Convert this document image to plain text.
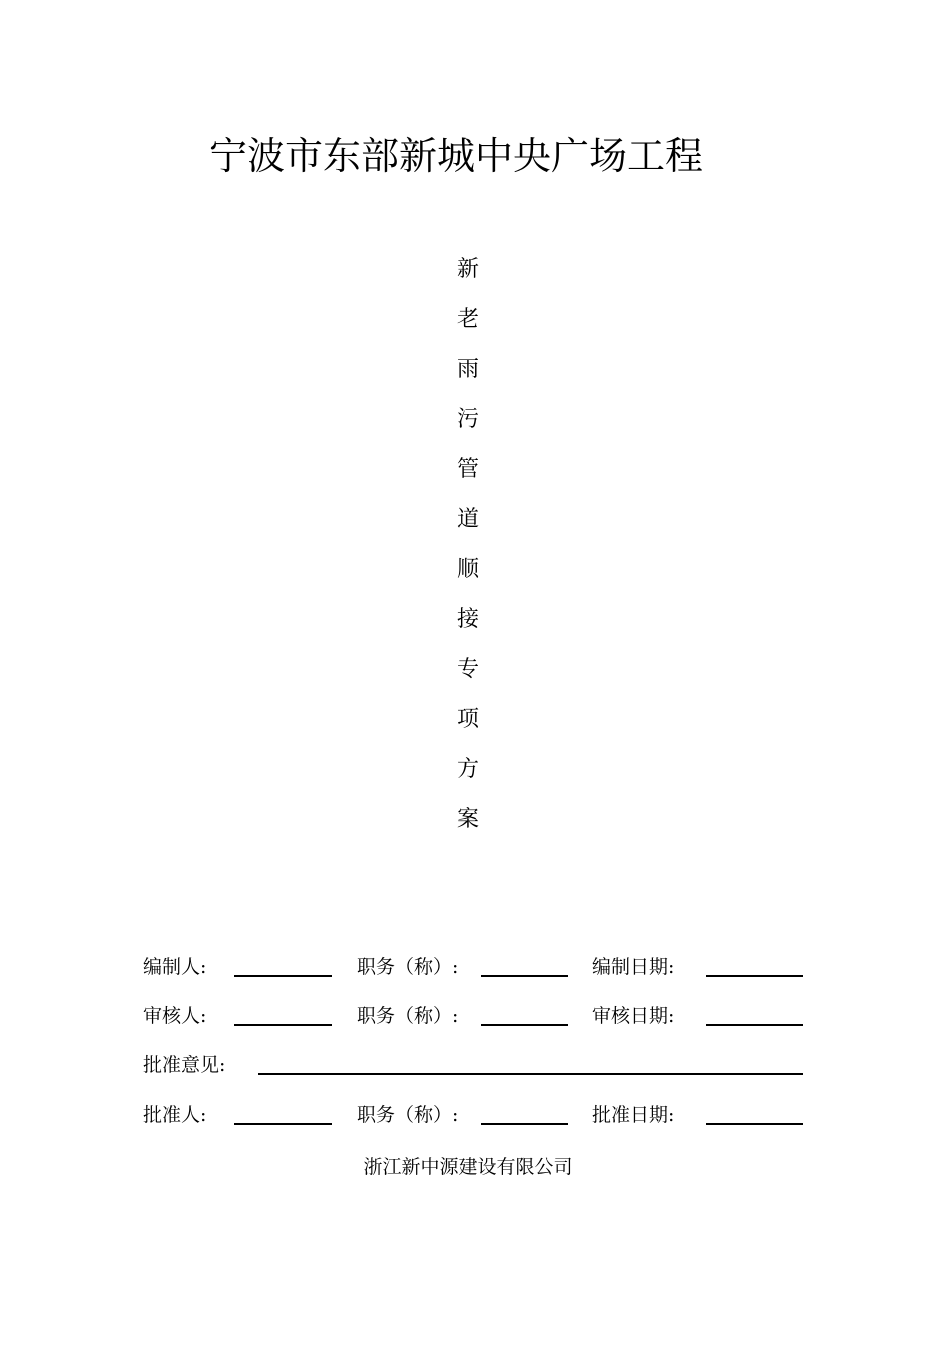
宁波市东部新城中央广场工程
新
老
雨
污
管
道
顺
接
专
项
方
案
编制人:	职务（称）:	编制日期:
审核人:	职务（称）:	审核日期:
批准意见:
批准人:	职务（称）:	批准日期:
浙江新中源建设有限公司
